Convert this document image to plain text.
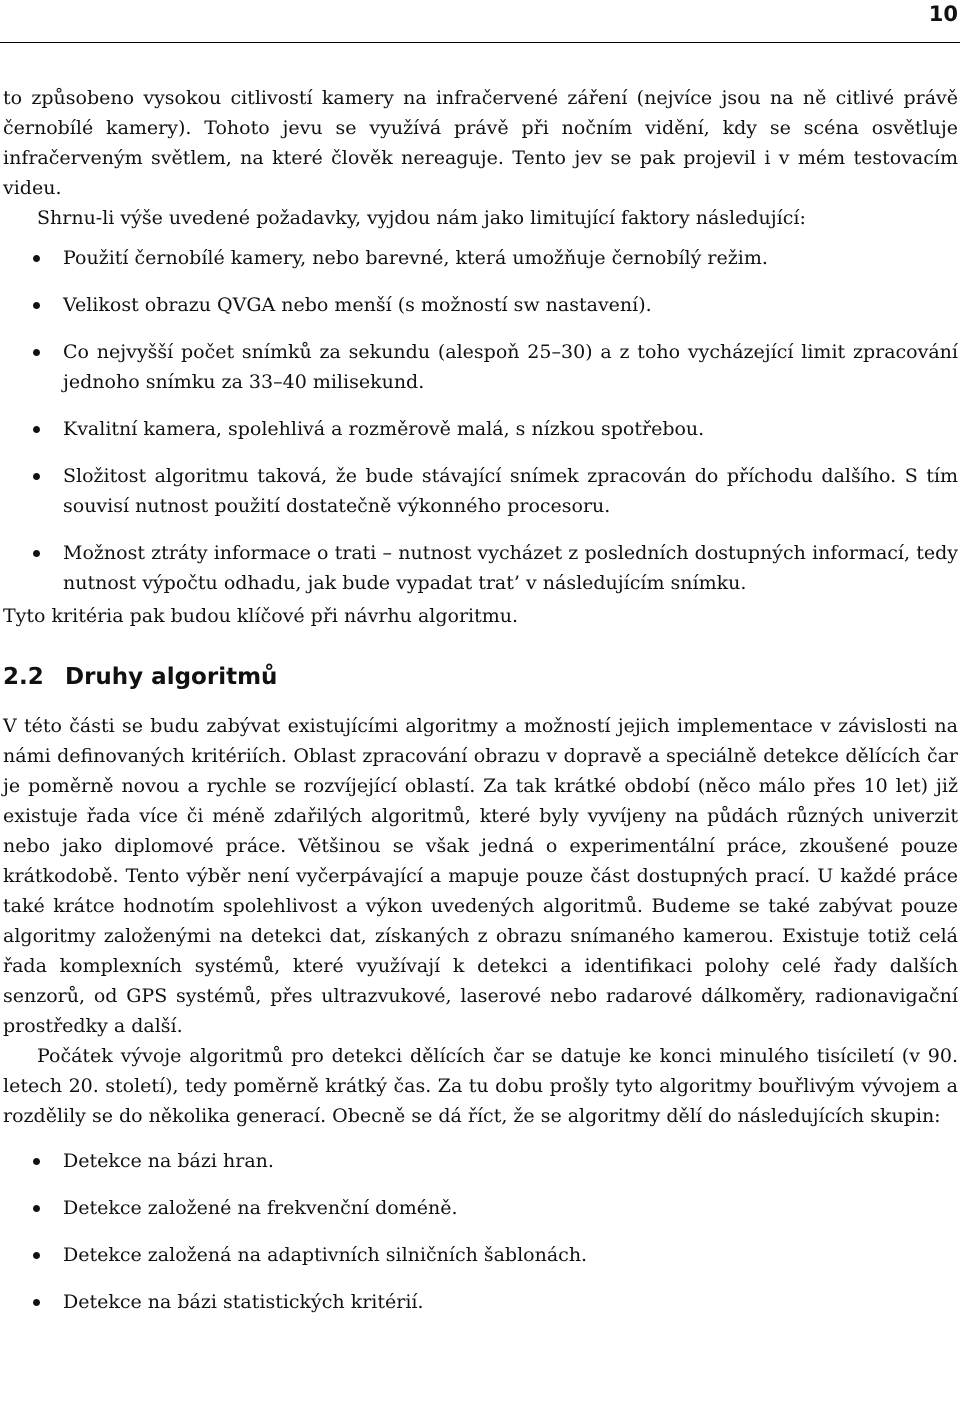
10

to způsobeno vysokou citlivostí kamery na infračervené záření (nejvíce jsou na ně citlivé právě černobílé kamery). Tohoto jevu se využívá právě při nočním vidění, kdy se scéna osvětluje infračerveným světlem, na které člověk nereaguje. Tento jev se pak projevil i v mém testovacím videu.

Shrnu-li výše uvedené požadavky, vyjdou nám jako limitující faktory následující:

Použití černobílé kamery, nebo barevné, která umožňuje černobílý režim.
Velikost obrazu QVGA nebo menší (s možností sw nastavení).
Co nejvyšší počet snímků za sekundu (alespoň 25–30) a z toho vycházející limit zpracování jednoho snímku za 33–40 milisekund.
Kvalitní kamera, spolehlivá a rozměrově malá, s nízkou spotřebou.
Složitost algoritmu taková, že bude stávající snímek zpracován do příchodu dalšího. S tím souvisí nutnost použití dostatečně výkonného procesoru.
Možnost ztráty informace o trati – nutnost vycházet z posledních dostupných informací, tedy nutnost výpočtu odhadu, jak bude vypadat trat’ v následujícím snímku.

Tyto kritéria pak budou klíčové při návrhu algoritmu.

2.2 Druhy algoritmů

V této části se budu zabývat existujícími algoritmy a možností jejich implementace v závislosti na námi definovaných kritériích. Oblast zpracování obrazu v dopravě a speciálně detekce dělících čar je poměrně novou a rychle se rozvíjející oblastí. Za tak krátké období (něco málo přes 10 let) již existuje řada více či méně zdařilých algoritmů, které byly vyvíjeny na půdách různých univerzit nebo jako diplomové práce. Většinou se však jedná o experimentální práce, zkoušené pouze krátkodobě. Tento výběr není vyčerpávající a mapuje pouze část dostupných prací. U každé práce také krátce hodnotím spolehlivost a výkon uvedených algoritmů. Budeme se také zabývat pouze algoritmy založenými na detekci dat, získaných z obrazu snímaného kamerou. Existuje totiž celá řada komplexních systémů, které využívají k detekci a identifikaci polohy celé řady dalších senzorů, od GPS systémů, přes ultrazvukové, laserové nebo radarové dálkoměry, radionavigační prostředky a další.

Počátek vývoje algoritmů pro detekci dělících čar se datuje ke konci minulého tisíciletí (v 90. letech 20. století), tedy poměrně krátký čas. Za tu dobu prošly tyto algoritmy bouřlivým vývojem a rozdělily se do několika generací. Obecně se dá říct, že se algoritmy dělí do následujících skupin:

Detekce na bázi hran.
Detekce založené na frekvenční doméně.
Detekce založená na adaptivních silničních šablonách.
Detekce na bázi statistických kritérií.
